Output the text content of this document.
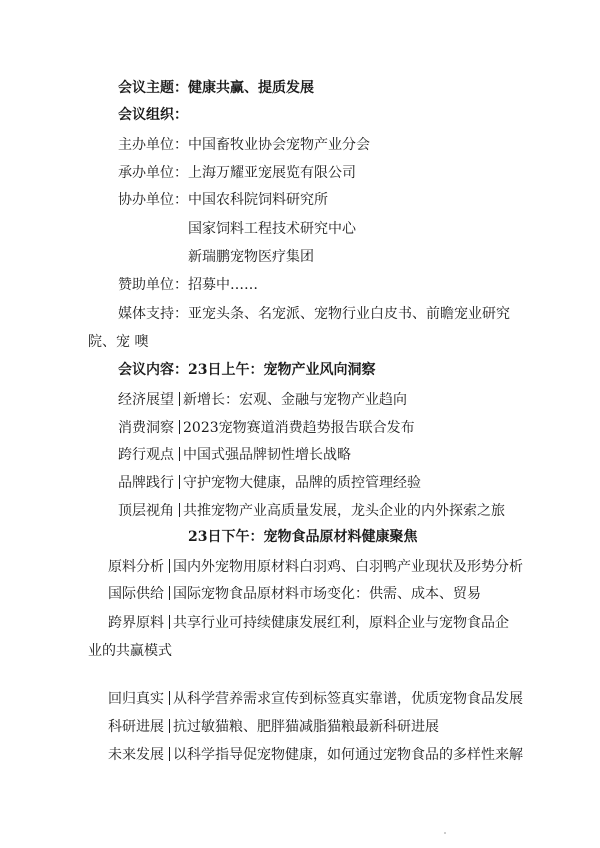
会议主题：健康共赢、提质发展
会议组织：
主办单位：中国畜牧业协会宠物产业分会
承办单位：上海万耀亚宠展览有限公司
协办单位：中国农科院饲料研究所
国家饲料工程技术研究中心
新瑞鹏宠物医疗集团
赞助单位：招募中……
媒体支持：亚宠头条、名宠派、宠物行业白皮书、前瞻宠业研究
院、宠 噢
会议内容：23日上午：宠物产业风向洞察
经济展望 新增长：宏观、金融与宠物产业趋向
消费洞察 2023宠物赛道消费趋势报告联合发布
跨行观点 中国式强品牌韧性增长战略
品牌践行 守护宠物大健康，品牌的质控管理经验
顶层视角 共推宠物产业高质量发展，龙头企业的内外探索之旅
23日下午：宠物食品原材料健康聚焦
原料分析 国内外宠物用原材料白羽鸡、白羽鸭产业现状及形势分析
国际供给 国际宠物食品原材料市场变化：供需、成本、贸易
跨界原料 共享行业可持续健康发展红利，原料企业与宠物食品企
业的共赢模式
回归真实 从科学营养需求宣传到标签真实靠谱，优质宠物食品发展
科研进展 抗过敏猫粮、肥胖猫减脂猫粮最新科研进展
未来发展 以科学指导促宠物健康，如何通过宠物食品的多样性来解
